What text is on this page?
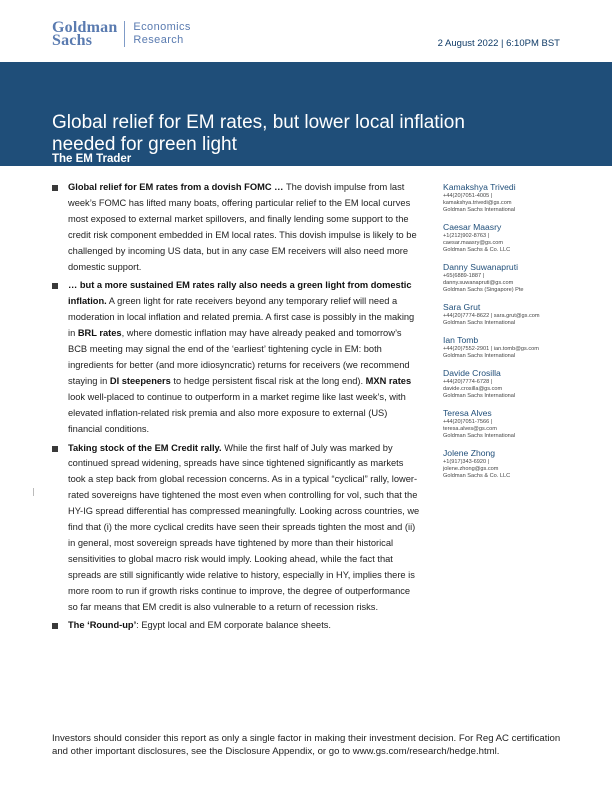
Goldman
Sachs
Economics
Research	2 August 2022 | 6:10PM BST
The EM Trader
Global relief for EM rates, but lower local inflation needed for green light
Global relief for EM rates from a dovish FOMC … The dovish impulse from last week’s FOMC has lifted many boats, offering particular relief to the EM local curves most exposed to external market spillovers, and finally lending some support to the credit risk component embedded in EM local rates. This dovish impulse is likely to be challenged by incoming US data, but in any case EM receivers will also need more domestic support.
… but a more sustained EM rates rally also needs a green light from domestic inflation. A green light for rate receivers beyond any temporary relief will need a moderation in local inflation and related premia. A first case is possibly in the making in BRL rates, where domestic inflation may have already peaked and tomorrow’s BCB meeting may signal the end of the ‘earliest’ tightening cycle in EM: both ingredients for better (and more idiosyncratic) returns for receivers (we recommend staying in DI steepeners to hedge persistent fiscal risk at the long end). MXN rates look well-placed to continue to outperform in a market regime like last week’s, with elevated inflation-related risk premia and also more exposure to external (US) financial conditions.
Taking stock of the EM Credit rally. While the first half of July was marked by continued spread widening, spreads have since tightened significantly as markets took a step back from global recession concerns. As in a typical “cyclical” rally, lower-rated sovereigns have tightened the most even when controlling for vol, such that the HY-IG spread differential has compressed meaningfully. Looking across countries, we find that (i) the more cyclical credits have seen their spreads tighten the most and (ii) in general, most sovereign spreads have tightened by more than their historical sensitivities to global macro risk would imply. Looking ahead, while the fact that spreads are still significantly wide relative to history, especially in HY, implies there is more room to run if growth risks continue to improve, the degree of outperformance so far means that EM credit is also vulnerable to a return of recession risks.
The ‘Round-up’: Egypt local and EM corporate balance sheets.
Kamakshya Trivedi
+44(20)7051-4005 |
kamakshya.trivedi@gs.com
Goldman Sachs International
Caesar Maasry
+1(212)902-8763 |
caesar.maasry@gs.com
Goldman Sachs & Co. LLC
Danny Suwanapruti
+65(6889-1887 |
danny.suwanapruti@gs.com
Goldman Sachs (Singapore) Pte
Sara Grut
+44(20)7774-8622 | sara.grut@gs.com
Goldman Sachs International
Ian Tomb
+44(20)7552-2901 | ian.tomb@gs.com
Goldman Sachs International
Davide Crosilla
+44(20)7774-6728 |
davide.crosilla@gs.com
Goldman Sachs International
Teresa Alves
+44(20)7051-7566 |
teresa.alves@gs.com
Goldman Sachs International
Jolene Zhong
+1(917)343-6920 |
jolene.zhong@gs.com
Goldman Sachs & Co. LLC
Investors should consider this report as only a single factor in making their investment decision. For Reg AC certification and other important disclosures, see the Disclosure Appendix, or go to www.gs.com/research/hedge.html.
